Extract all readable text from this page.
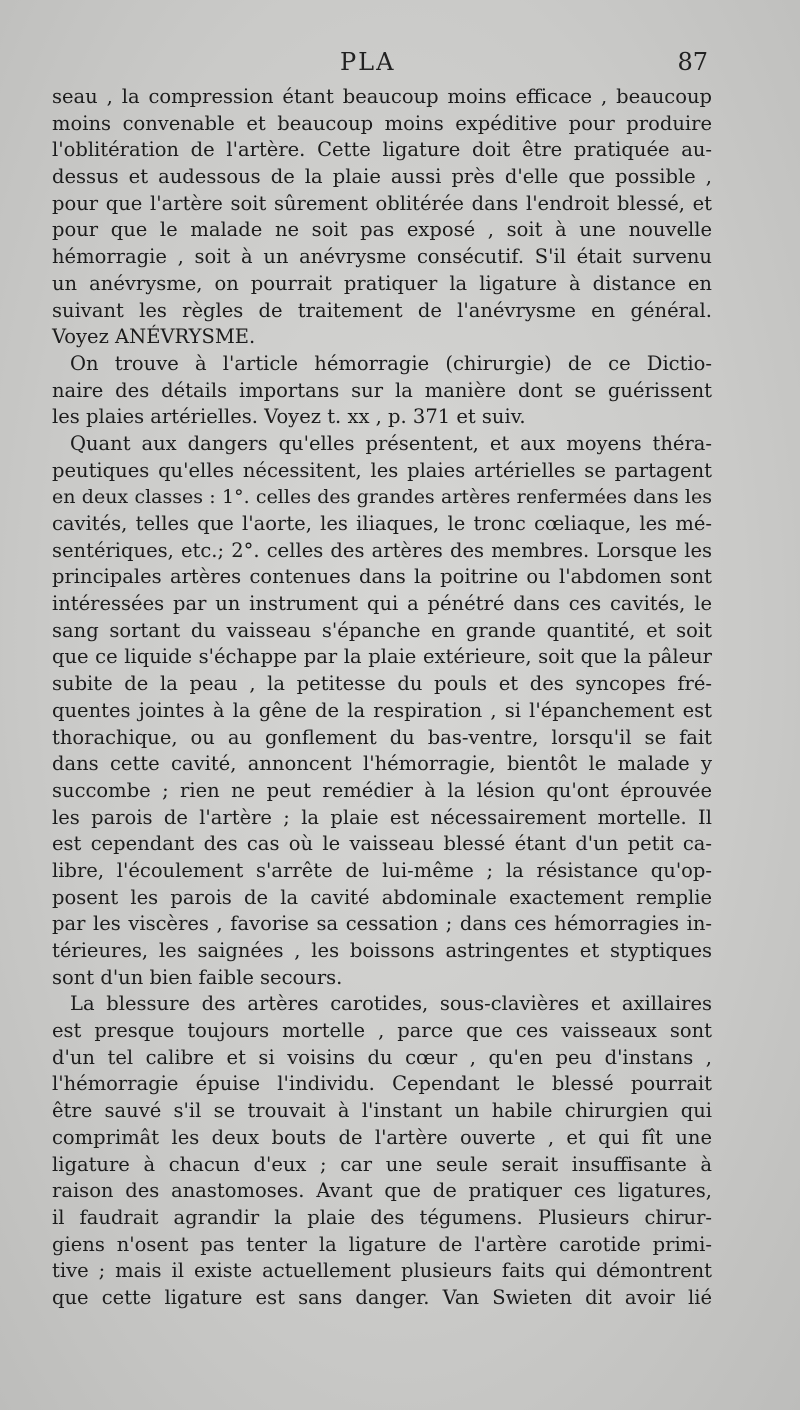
PLA	87
seau , la compression étant beaucoup moins efficace , beaucoup
moins convenable et beaucoup moins expéditive pour produire
l'oblitération de l'artère. Cette ligature doit être pratiquée au-
dessus et audessous de la plaie aussi près d'elle que possible ,
pour que l'artère soit sûrement oblitérée dans l'endroit blessé, et
pour que le malade ne soit pas exposé , soit à une nouvelle
hémorragie , soit à un anévrysme consécutif. S'il était survenu
un anévrysme, on pourrait pratiquer la ligature à distance en
suivant les règles de traitement de l'anévrysme en général.
Voyez ANÉVRYSME.
On trouve à l'article hémorragie (chirurgie) de ce Dictio-
naire des détails importans sur la manière dont se guérissent
les plaies artérielles. Voyez t. xx , p. 371 et suiv.
Quant aux dangers qu'elles présentent, et aux moyens théra-
peutiques qu'elles nécessitent, les plaies artérielles se partagent
en deux classes : 1°. celles des grandes artères renfermées dans les
cavités, telles que l'aorte, les iliaques, le tronc cœliaque, les mé-
sentériques, etc.; 2°. celles des artères des membres. Lorsque les
principales artères contenues dans la poitrine ou l'abdomen sont
intéressées par un instrument qui a pénétré dans ces cavités, le
sang sortant du vaisseau s'épanche en grande quantité, et soit
que ce liquide s'échappe par la plaie extérieure, soit que la pâleur
subite de la peau , la petitesse du pouls et des syncopes fré-
quentes jointes à la gêne de la respiration , si l'épanchement est
thorachique, ou au gonflement du bas-ventre, lorsqu'il se fait
dans cette cavité, annoncent l'hémorragie, bientôt le malade y
succombe ; rien ne peut remédier à la lésion qu'ont éprouvée
les parois de l'artère ; la plaie est nécessairement mortelle. Il
est cependant des cas où le vaisseau blessé étant d'un petit ca-
libre, l'écoulement s'arrête de lui-même ; la résistance qu'op-
posent les parois de la cavité abdominale exactement remplie
par les viscères , favorise sa cessation ; dans ces hémorragies in-
térieures, les saignées , les boissons astringentes et styptiques
sont d'un bien faible secours.
La blessure des artères carotides, sous-clavières et axillaires
est presque toujours mortelle , parce que ces vaisseaux sont
d'un tel calibre et si voisins du cœur , qu'en peu d'instans ,
l'hémorragie épuise l'individu. Cependant le blessé pourrait
être sauvé s'il se trouvait à l'instant un habile chirurgien qui
comprimât les deux bouts de l'artère ouverte , et qui fît une
ligature à chacun d'eux ; car une seule serait insuffisante à
raison des anastomoses. Avant que de pratiquer ces ligatures,
il faudrait agrandir la plaie des tégumens. Plusieurs chirur-
giens n'osent pas tenter la ligature de l'artère carotide primi-
tive ; mais il existe actuellement plusieurs faits qui démontrent
que cette ligature est sans danger. Van Swieten dit avoir lié
